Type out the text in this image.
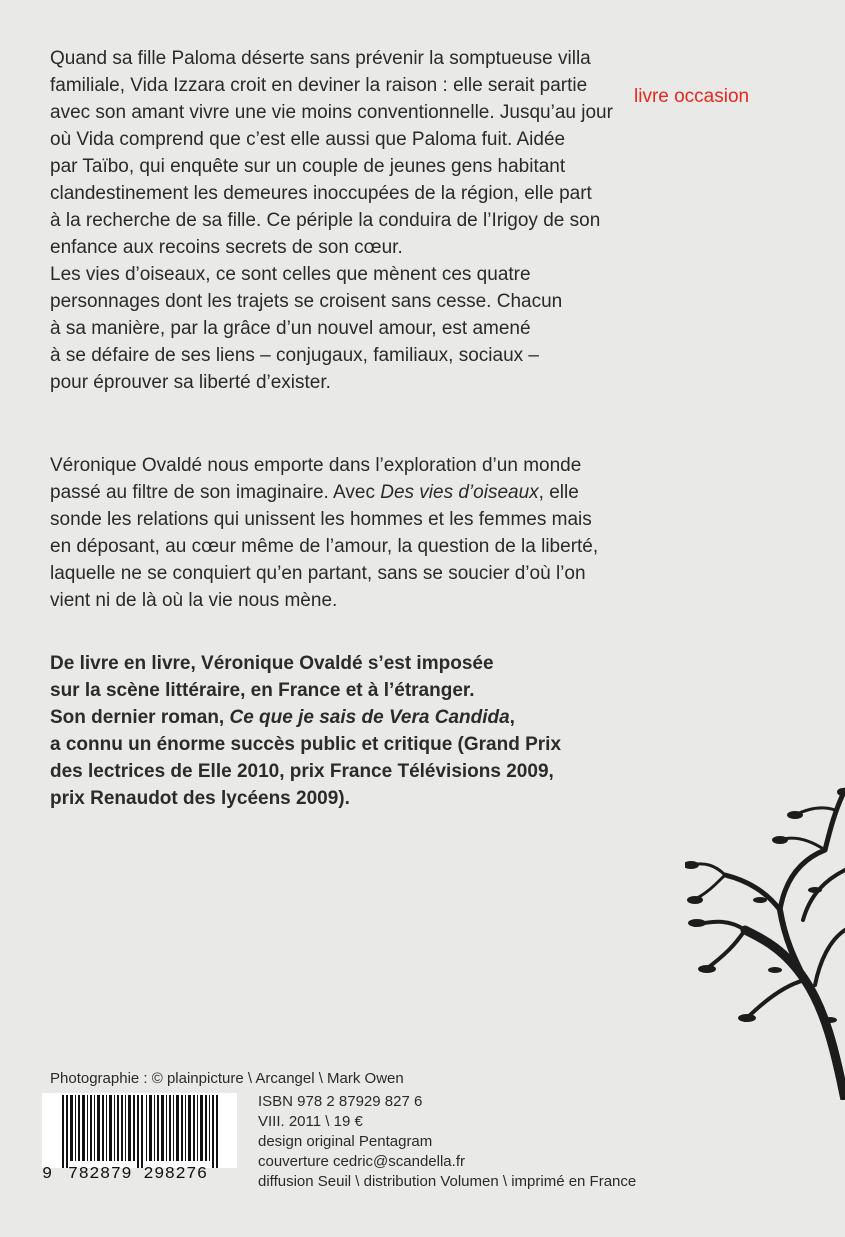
livre occasion

Quand sa fille Paloma déserte sans prévenir la somptueuse villa
familiale, Vida Izzara croit en deviner la raison : elle serait partie
avec son amant vivre une vie moins conventionnelle. Jusqu’au jour
où Vida comprend que c’est elle aussi que Paloma fuit. Aidée
par Taïbo, qui enquête sur un couple de jeunes gens habitant
clandestinement les demeures inoccupées de la région, elle part
à la recherche de sa fille. Ce périple la conduira de l’Irigoy de son
enfance aux recoins secrets de son cœur.
Les vies d’oiseaux, ce sont celles que mènent ces quatre
personnages dont les trajets se croisent sans cesse. Chacun
à sa manière, par la grâce d’un nouvel amour, est amené
à se défaire de ses liens – conjugaux, familiaux, sociaux –
pour éprouver sa liberté d’exister.

Véronique Ovaldé nous emporte dans l’exploration d’un monde
passé au filtre de son imaginaire. Avec Des vies d’oiseaux, elle
sonde les relations qui unissent les hommes et les femmes mais
en déposant, au cœur même de l’amour, la question de la liberté,
laquelle ne se conquiert qu’en partant, sans se soucier d’où l’on
vient ni de là où la vie nous mène.

De livre en livre, Véronique Ovaldé s’est imposée
sur la scène littéraire, en France et à l’étranger.
Son dernier roman, Ce que je sais de Vera Candida,
a connu un énorme succès public et critique (Grand Prix
des lectrices de Elle 2010, prix France Télévisions 2009,
prix Renaudot des lycéens 2009).

Photographie : © plainpicture \ Arcangel \ Mark Owen
9 782879 298276
ISBN 978 2 87929 827 6
VIII. 2011 \ 19 €
design original Pentagram
couverture cedric@scandella.fr
diffusion Seuil \ distribution Volumen \ imprimé en France
